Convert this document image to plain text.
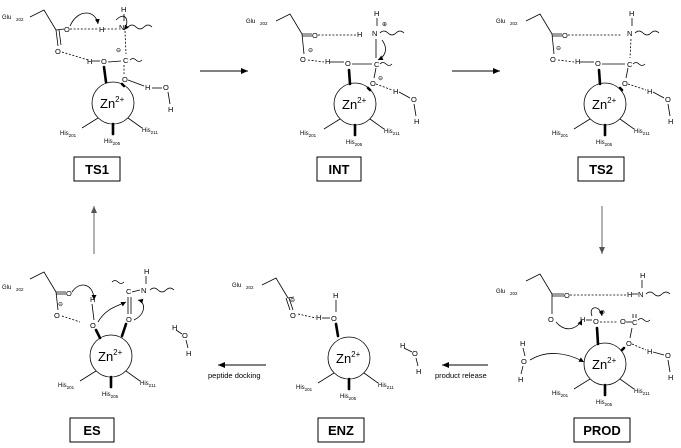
TS1	INT	TS2
ES	ENZ	PROD
product release
peptide docking
Glu 202
O
O
H
H O
H
N
C
⊖
O
H O
H
$Zn^{2+}$
His$_{201}$
His$_{205}$
His$_{211}$
Glu 202
O
⊖
O	H O
H
H
N
⊕
C
O ⊖
H
O
H
$Zn^{2+}$
His$_{201}$
His$_{205}$
His$_{211}$
Glu 202
O
⊖
O	H O
H
N
C
O
H
O
H
$Zn^{2+}$
His$_{201}$
His$_{205}$
His$_{211}$
Glu 202	O
⊖
O
H
O
C N
H
O
H
O
H
$Zn^{2+}$
His$_{201}$
His$_{205}$
His$_{211}$
Glu 202
⊖
O	H O
H
H
O
H
$Zn^{2+}$
His$_{201}$
His$_{205}$
His$_{211}$
Glu 202	O	H N
H
O	H O
⊖
O C
O
H O
H
H
O
H
$Zn^{2+}$
His$_{201}$
His$_{205}$
His$_{211}$
